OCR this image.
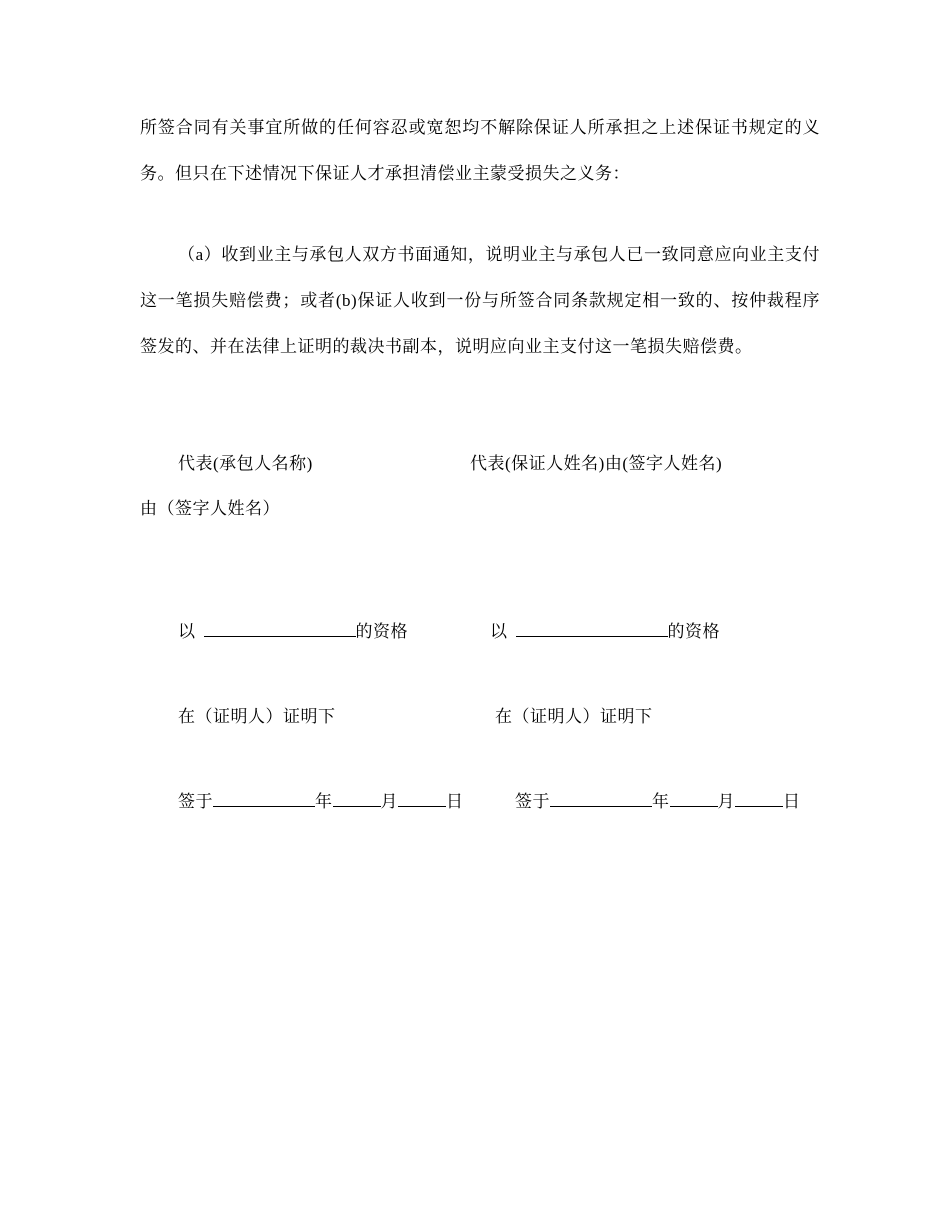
所签合同有关事宜所做的任何容忍或宽恕均不解除保证人所承担之上述保证书规定的义务。但只在下述情况下保证人才承担清偿业主蒙受损失之义务：
（a）收到业主与承包人双方书面通知，说明业主与承包人已一致同意应向业主支付这一笔损失赔偿费；或者(b)保证人收到一份与所签合同条款规定相一致的、按仲裁程序签发的、并在法律上证明的裁决书副本，说明应向业主支付这一笔损失赔偿费。
代表(承包人名称)	代表(保证人姓名)由(签字人姓名)
由（签字人姓名）
以	的资格	以	的资格
在（证明人）证明下	在（证明人）证明下
签于	年	月	日	签于	年	月	日
